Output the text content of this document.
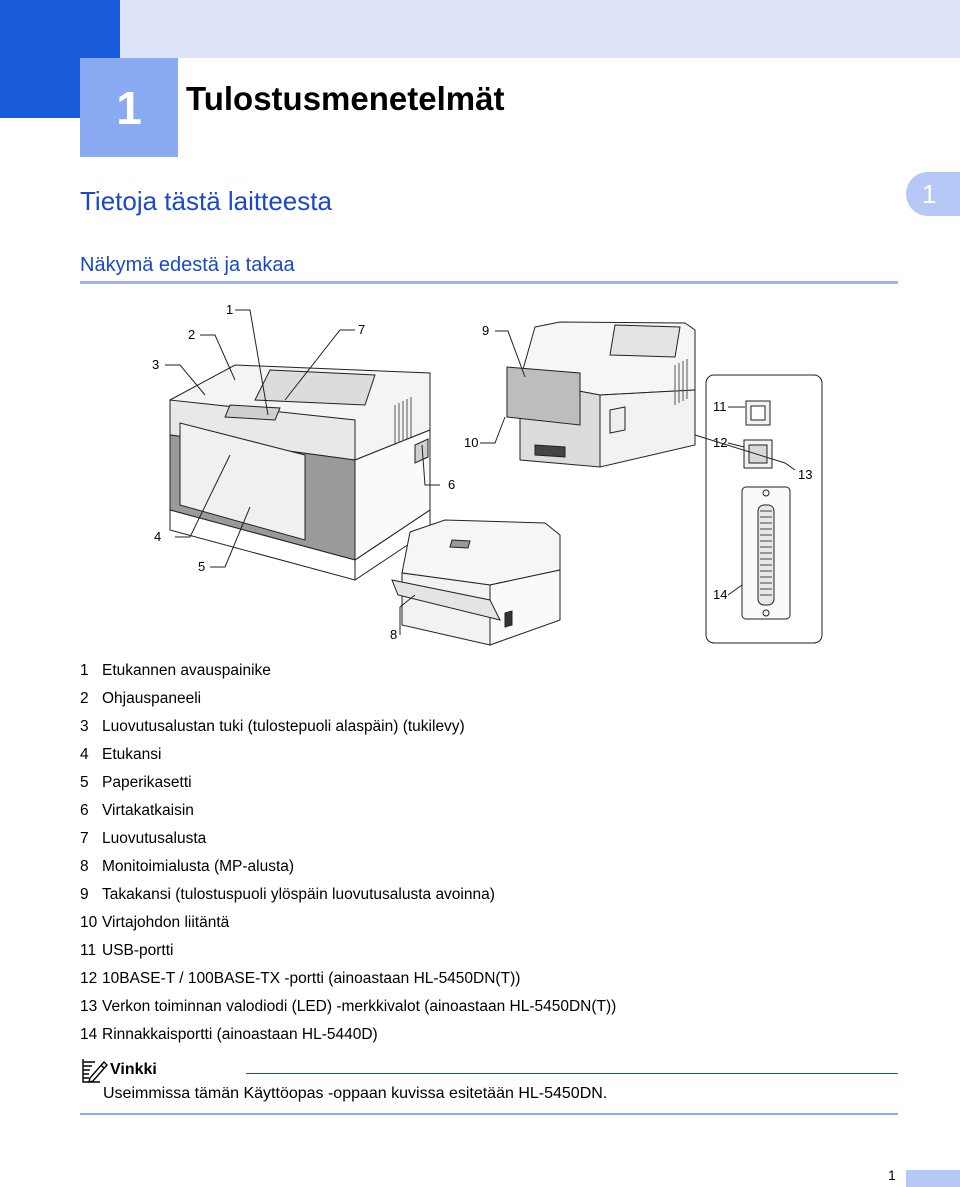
1	Tulostusmenetelmät
1
Tietoja tästä laitteesta
Näkymä edestä ja takaa
1
2
3
4
5
6
7
8
9
10
11
12
13
14
1 Etukannen avauspainike
2 Ohjauspaneeli
3 Luovutusalustan tuki (tulostepuoli alaspäin) (tukilevy)
4 Etukansi
5 Paperikasetti
6 Virtakatkaisin
7 Luovutusalusta
8 Monitoimialusta (MP-alusta)
9 Takakansi (tulostuspuoli ylöspäin luovutusalusta avoinna)
10 Virtajohdon liitäntä
11 USB-portti
12 10BASE-T / 100BASE-TX -portti (ainoastaan HL-5450DN(T))
13 Verkon toiminnan valodiodi (LED) -merkkivalot (ainoastaan HL-5450DN(T))
14 Rinnakkaisportti (ainoastaan HL-5440D)
Vinkki
Useimmissa tämän Käyttöopas -oppaan kuvissa esitetään HL-5450DN.
1
